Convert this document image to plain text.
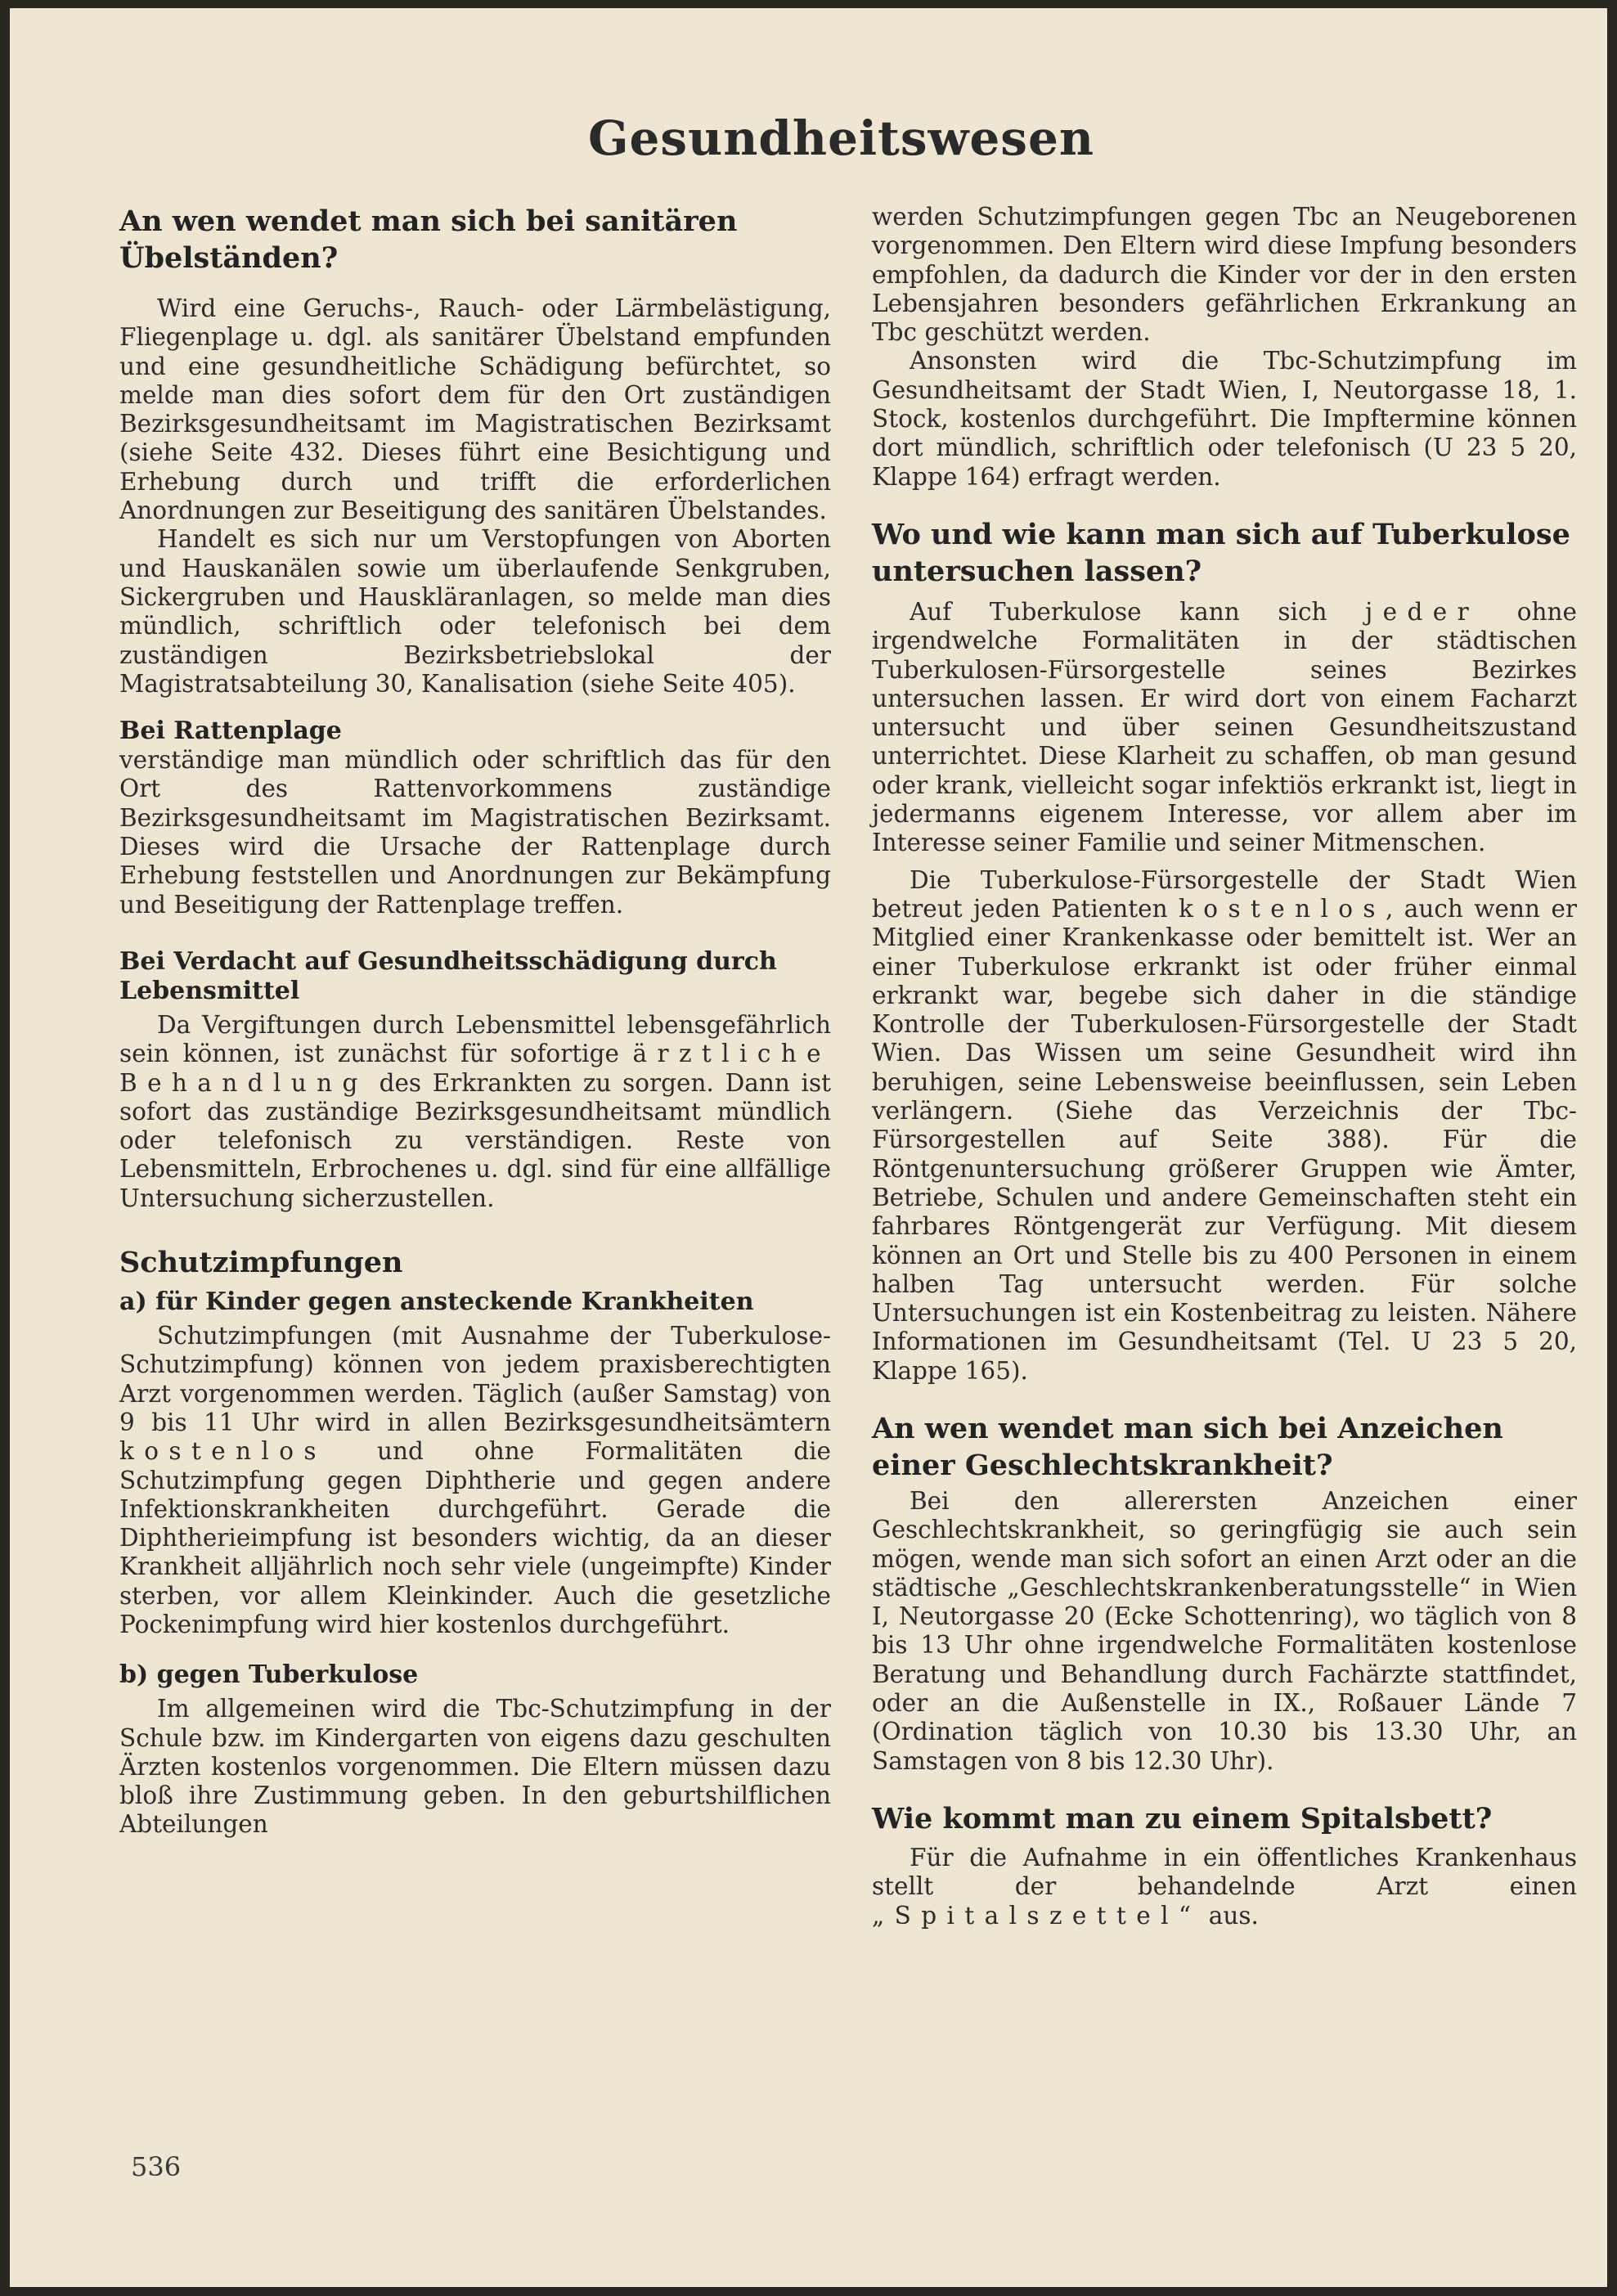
Gesundheitswesen
An wen wendet man sich bei sanitären Übelständen?

Wird eine Geruchs-, Rauch- oder Lärmbelästigung, Fliegenplage u. dgl. als sanitärer Übelstand empfunden und eine gesundheitliche Schädigung befürchtet, so melde man dies sofort dem für den Ort zuständigen Bezirksgesundheitsamt im Magistratischen Bezirksamt (siehe Seite 432. Dieses führt eine Besichtigung und Erhebung durch und trifft die erforderlichen Anordnungen zur Beseitigung des sanitären Übelstandes.

Handelt es sich nur um Verstopfungen von Aborten und Hauskanälen sowie um überlaufende Senkgruben, Sickergruben und Hauskläranlagen, so melde man dies mündlich, schriftlich oder telefonisch bei dem zuständigen Bezirksbetriebslokal der Magistratsabteilung 30, Kanalisation (siehe Seite 405).

Bei Rattenplage

verständige man mündlich oder schriftlich das für den Ort des Rattenvorkommens zuständige Bezirksgesundheitsamt im Magistratischen Bezirksamt. Dieses wird die Ursache der Rattenplage durch Erhebung feststellen und Anordnungen zur Bekämpfung und Beseitigung der Rattenplage treffen.

Bei Verdacht auf Gesundheitsschädigung durch Lebensmittel

Da Vergiftungen durch Lebensmittel lebensgefährlich sein können, ist zunächst für sofortige ärztliche Behandlung des Erkrankten zu sorgen. Dann ist sofort das zuständige Bezirksgesundheitsamt mündlich oder telefonisch zu verständigen. Reste von Lebensmitteln, Erbrochenes u. dgl. sind für eine allfällige Untersuchung sicherzustellen.

Schutzimpfungen
a) für Kinder gegen ansteckende Krankheiten

Schutzimpfungen (mit Ausnahme der Tuberkulose-Schutzimpfung) können von jedem praxisberechtigten Arzt vorgenommen werden. Täglich (außer Samstag) von 9 bis 11 Uhr wird in allen Bezirksgesundheitsämtern kostenlos und ohne Formalitäten die Schutzimpfung gegen Diphtherie und gegen andere Infektionskrankheiten durchgeführt. Gerade die Diphtherieimpfung ist besonders wichtig, da an dieser Krankheit alljährlich noch sehr viele (ungeimpfte) Kinder sterben, vor allem Kleinkinder. Auch die gesetzliche Pockenimpfung wird hier kostenlos durchgeführt.

b) gegen Tuberkulose

Im allgemeinen wird die Tbc-Schutzimpfung in der Schule bzw. im Kindergarten von eigens dazu geschulten Ärzten kostenlos vorgenommen. Die Eltern müssen dazu bloß ihre Zustimmung geben. In den geburtshilflichen Abteilungen

werden Schutzimpfungen gegen Tbc an Neugeborenen vorgenommen. Den Eltern wird diese Impfung besonders empfohlen, da dadurch die Kinder vor der in den ersten Lebensjahren besonders gefährlichen Erkrankung an Tbc geschützt werden.

Ansonsten wird die Tbc-Schutzimpfung im Gesundheitsamt der Stadt Wien, I, Neutorgasse 18, 1. Stock, kostenlos durchgeführt. Die Impftermine können dort mündlich, schriftlich oder telefonisch (U 23 5 20, Klappe 164) erfragt werden.

Wo und wie kann man sich auf Tuberkulose untersuchen lassen?

Auf Tuberkulose kann sich jeder ohne irgendwelche Formalitäten in der städtischen Tuberkulosen-Fürsorgestelle seines Bezirkes untersuchen lassen. Er wird dort von einem Facharzt untersucht und über seinen Gesundheitszustand unterrichtet. Diese Klarheit zu schaffen, ob man gesund oder krank, vielleicht sogar infektiös erkrankt ist, liegt in jedermanns eigenem Interesse, vor allem aber im Interesse seiner Familie und seiner Mitmenschen.

Die Tuberkulose-Fürsorgestelle der Stadt Wien betreut jeden Patienten kostenlos, auch wenn er Mitglied einer Krankenkasse oder bemittelt ist. Wer an einer Tuberkulose erkrankt ist oder früher einmal erkrankt war, begebe sich daher in die ständige Kontrolle der Tuberkulosen-Fürsorgestelle der Stadt Wien. Das Wissen um seine Gesundheit wird ihn beruhigen, seine Lebensweise beeinflussen, sein Leben verlängern. (Siehe das Verzeichnis der Tbc-Fürsorgestellen auf Seite 388). Für die Röntgenuntersuchung größerer Gruppen wie Ämter, Betriebe, Schulen und andere Gemeinschaften steht ein fahrbares Röntgengerät zur Verfügung. Mit diesem können an Ort und Stelle bis zu 400 Personen in einem halben Tag untersucht werden. Für solche Untersuchungen ist ein Kostenbeitrag zu leisten. Nähere Informationen im Gesundheitsamt (Tel. U 23 5 20, Klappe 165).

An wen wendet man sich bei Anzeichen einer Geschlechtskrankheit?

Bei den allerersten Anzeichen einer Geschlechtskrankheit, so geringfügig sie auch sein mögen, wende man sich sofort an einen Arzt oder an die städtische „Geschlechtskrankenberatungsstelle“ in Wien I, Neutorgasse 20 (Ecke Schottenring), wo täglich von 8 bis 13 Uhr ohne irgendwelche Formalitäten kostenlose Beratung und Behandlung durch Fachärzte stattfindet, oder an die Außenstelle in IX., Roßauer Lände 7 (Ordination täglich von 10.30 bis 13.30 Uhr, an Samstagen von 8 bis 12.30 Uhr).

Wie kommt man zu einem Spitalsbett?

Für die Aufnahme in ein öffentliches Krankenhaus stellt der behandelnde Arzt einen „Spitalszettel“ aus.

536
